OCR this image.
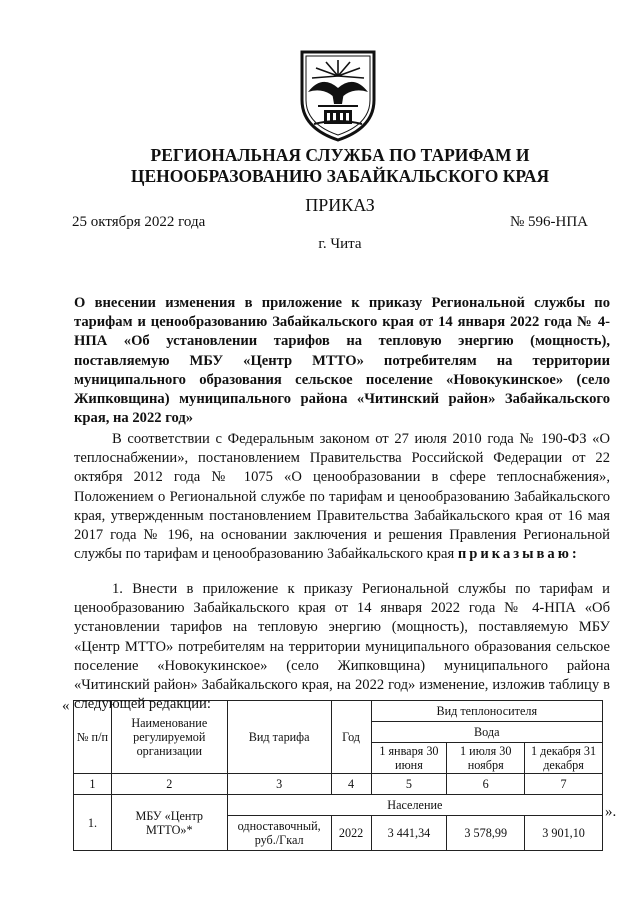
РЕГИОНАЛЬНАЯ СЛУЖБА ПО ТАРИФАМ И
ЦЕНООБРАЗОВАНИЮ ЗАБАЙКАЛЬСКОГО КРАЯ
ПРИКАЗ
25 октября 2022 года	№ 596-НПА
г. Чита
О внесении изменения в приложение к приказу Региональной службы по тарифам и ценообразованию Забайкальского края от 14 января 2022 года № 4-НПА «Об установлении тарифов на тепловую энергию (мощность), поставляемую МБУ «Центр МТТО» потребителям на территории муниципального образования сельское поселение «Новокукинское» (село Жипковщина) муниципального района «Читинский район» Забайкальского края, на 2022 год»
В соответствии с Федеральным законом от 27 июля 2010 года № 190-ФЗ «О теплоснабжении», постановлением Правительства Российской Федерации от 22 октября 2012 года № 1075 «О ценообразовании в сфере теплоснабжения», Положением о Региональной службе по тарифам и ценообразованию Забайкальского края, утвержденным постановлением Правительства Забайкальского края от 16 мая 2017 года № 196, на основании заключения и решения Правления Региональной службы по тарифам и ценообразованию Забайкальского края приказываю:
1. Внести в приложение к приказу Региональной службы по тарифам и ценообразованию Забайкальского края от 14 января 2022 года № 4-НПА «Об установлении тарифов на тепловую энергию (мощность), поставляемую МБУ «Центр МТТО» потребителям на территории муниципального образования сельское поселение «Новокукинское» (село Жипковщина) муниципального района «Читинский район» Забайкальского края, на 2022 год» изменение, изложив таблицу в следующей редакции:
«
№ п/п	Наименование регулируемой организации	Вид тарифа	Год	Вид теплоносителя		
				Вода		
				1 января 30 июня	1 июля 30 ноября	1 декабря 31 декабря
1	2	3	4	5	6	7
1.	МБУ «Центр МТТО»*	Население				
		одноставочный, руб./Гкал	2022	3 441,34	3 578,99	3 901,10
».
